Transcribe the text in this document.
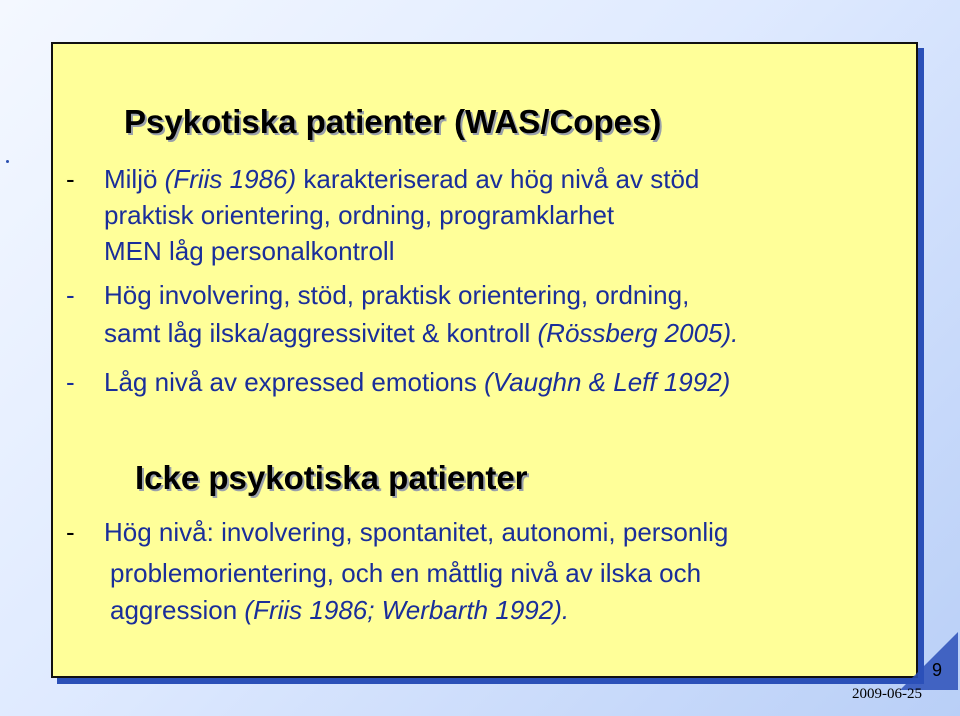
Psykotiska patienter (WAS/Copes)
- Miljö (Friis 1986) karakteriserad av hög nivå av stöd
praktisk orientering, ordning, programklarhet
MEN låg personalkontroll
- Hög involvering, stöd, praktisk orientering, ordning,
samt låg ilska/aggressivitet & kontroll (Rössberg 2005).
- Låg nivå av expressed emotions (Vaughn & Leff 1992)
Icke psykotiska patienter
- Hög nivå: involvering, spontanitet, autonomi, personlig
problemorientering, och en måttlig nivå av ilska och
aggression (Friis 1986; Werbarth 1992).
9
2009-06-25
